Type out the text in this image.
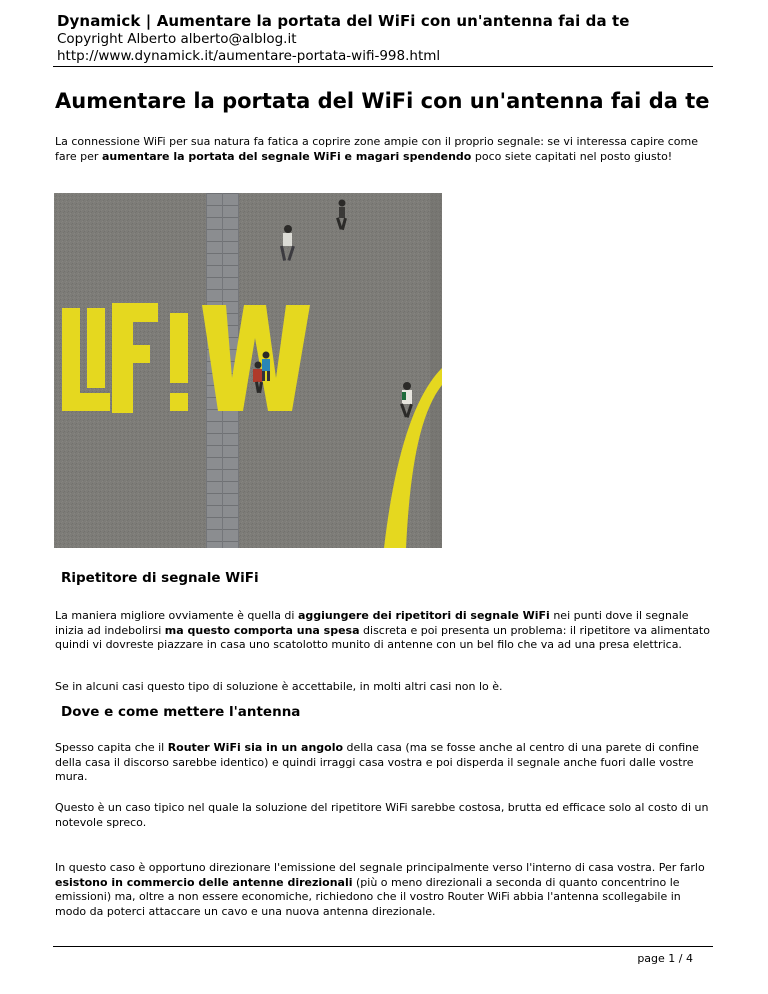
Dynamick | Aumentare la portata del WiFi con un'antenna fai da te
Copyright Alberto alberto@alblog.it
http://www.dynamick.it/aumentare-portata-wifi-998.html
Aumentare la portata del WiFi con un'antenna fai da te

La connessione WiFi per sua natura fa fatica a coprire zone ampie con il proprio segnale: se vi interessa capire come fare per aumentare la portata del segnale WiFi e magari spendendo poco siete capitati nel posto giusto!

Ripetitore di segnale WiFi

La maniera migliore ovviamente è quella di aggiungere dei ripetitori di segnale WiFi nei punti dove il segnale inizia ad indebolirsi ma questo comporta una spesa discreta e poi presenta un problema: il ripetitore va alimentato quindi vi dovreste piazzare in casa uno scatolotto munito di antenne con un bel filo che va ad una presa elettrica.

Se in alcuni casi questo tipo di soluzione è accettabile, in molti altri casi non lo è.

Dove e come mettere l'antenna

Spesso capita che il Router WiFi sia in un angolo della casa (ma se fosse anche al centro di una parete di confine della casa il discorso sarebbe identico) e quindi irraggi casa vostra e poi disperda il segnale anche fuori dalle vostre mura.

Questo è un caso tipico nel quale la soluzione del ripetitore WiFi sarebbe costosa, brutta ed efficace solo al costo di un notevole spreco.

In questo caso è opportuno direzionare l'emissione del segnale principalmente verso l'interno di casa vostra. Per farlo esistono in commercio delle antenne direzionali (più o meno direzionali a seconda di quanto concentrino le emissioni) ma, oltre a non essere economiche, richiedono che il vostro Router WiFi abbia l'antenna scollegabile in modo da poterci attaccare un cavo e una nuova antenna direzionale.

page 1 / 4
